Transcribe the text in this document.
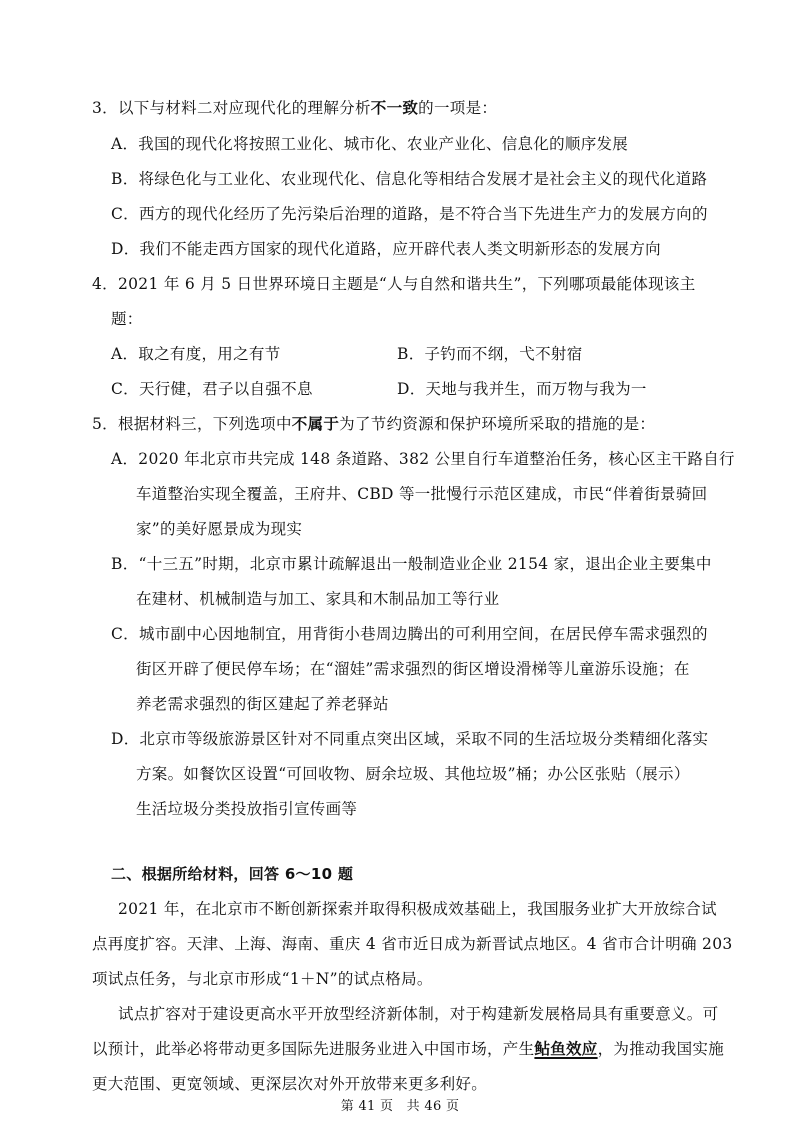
3．以下与材料二对应现代化的理解分析不一致的一项是：
A．我国的现代化将按照工业化、城市化、农业产业化、信息化的顺序发展
B．将绿色化与工业化、农业现代化、信息化等相结合发展才是社会主义的现代化道路
C．西方的现代化经历了先污染后治理的道路，是不符合当下先进生产力的发展方向的
D．我们不能走西方国家的现代化道路，应开辟代表人类文明新形态的发展方向
4．2021 年 6 月 5 日世界环境日主题是“人与自然和谐共生”，下列哪项最能体现该主
题：
A．取之有度，用之有节	B．子钓而不纲，弋不射宿
C．天行健，君子以自强不息	D．天地与我并生，而万物与我为一
5．根据材料三，下列选项中不属于为了节约资源和保护环境所采取的措施的是：
A．2020 年北京市共完成 148 条道路、382 公里自行车道整治任务，核心区主干路自行
车道整治实现全覆盖，王府井、CBD 等一批慢行示范区建成，市民“伴着街景骑回
家”的美好愿景成为现实
B．“十三五”时期，北京市累计疏解退出一般制造业企业 2154 家，退出企业主要集中
在建材、机械制造与加工、家具和木制品加工等行业
C．城市副中心因地制宜，用背街小巷周边腾出的可利用空间，在居民停车需求强烈的
街区开辟了便民停车场；在“溜娃”需求强烈的街区增设滑梯等儿童游乐设施；在
养老需求强烈的街区建起了养老驿站
D．北京市等级旅游景区针对不同重点突出区域，采取不同的生活垃圾分类精细化落实
方案。如餐饮区设置“可回收物、厨余垃圾、其他垃圾”桶；办公区张贴（展示）
生活垃圾分类投放指引宣传画等
二、根据所给材料，回答 6～10 题
2021 年，在北京市不断创新探索并取得积极成效基础上，我国服务业扩大开放综合试
点再度扩容。天津、上海、海南、重庆 4 省市近日成为新晋试点地区。4 省市合计明确 203
项试点任务，与北京市形成“1＋N”的试点格局。
试点扩容对于建设更高水平开放型经济新体制，对于构建新发展格局具有重要意义。可
以预计，此举必将带动更多国际先进服务业进入中国市场，产生鲇鱼效应，为推动我国实施
更大范围、更宽领域、更深层次对外开放带来更多利好。
第 41 页   共 46 页
